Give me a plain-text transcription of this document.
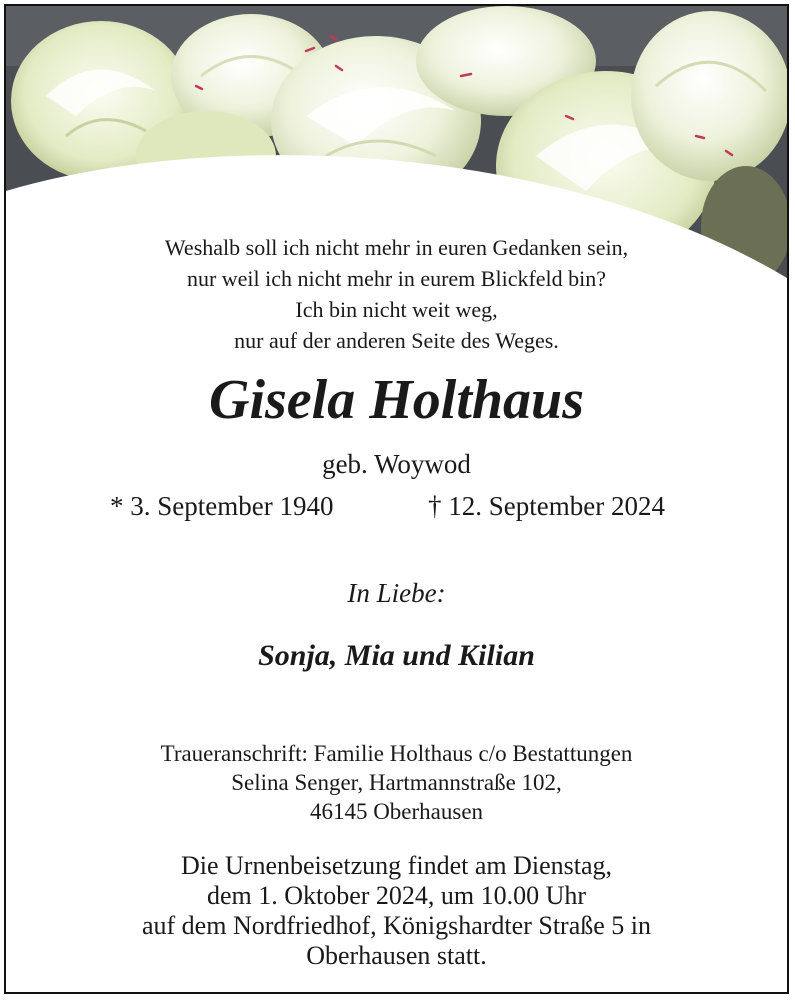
Weshalb soll ich nicht mehr in euren Gedanken sein,
nur weil ich nicht mehr in eurem Blickfeld bin?
Ich bin nicht weit weg,
nur auf der anderen Seite des Weges.
Gisela Holthaus
geb. Woywod
* 3. September 1940	† 12. September 2024
In Liebe:
Sonja, Mia und Kilian
Traueranschrift: Familie Holthaus c/o Bestattungen
Selina Senger, Hartmannstraße 102,
46145 Oberhausen
Die Urnenbeisetzung findet am Dienstag,
dem 1. Oktober 2024, um 10.00 Uhr
auf dem Nordfriedhof, Königshardter Straße 5 in
Oberhausen statt.
